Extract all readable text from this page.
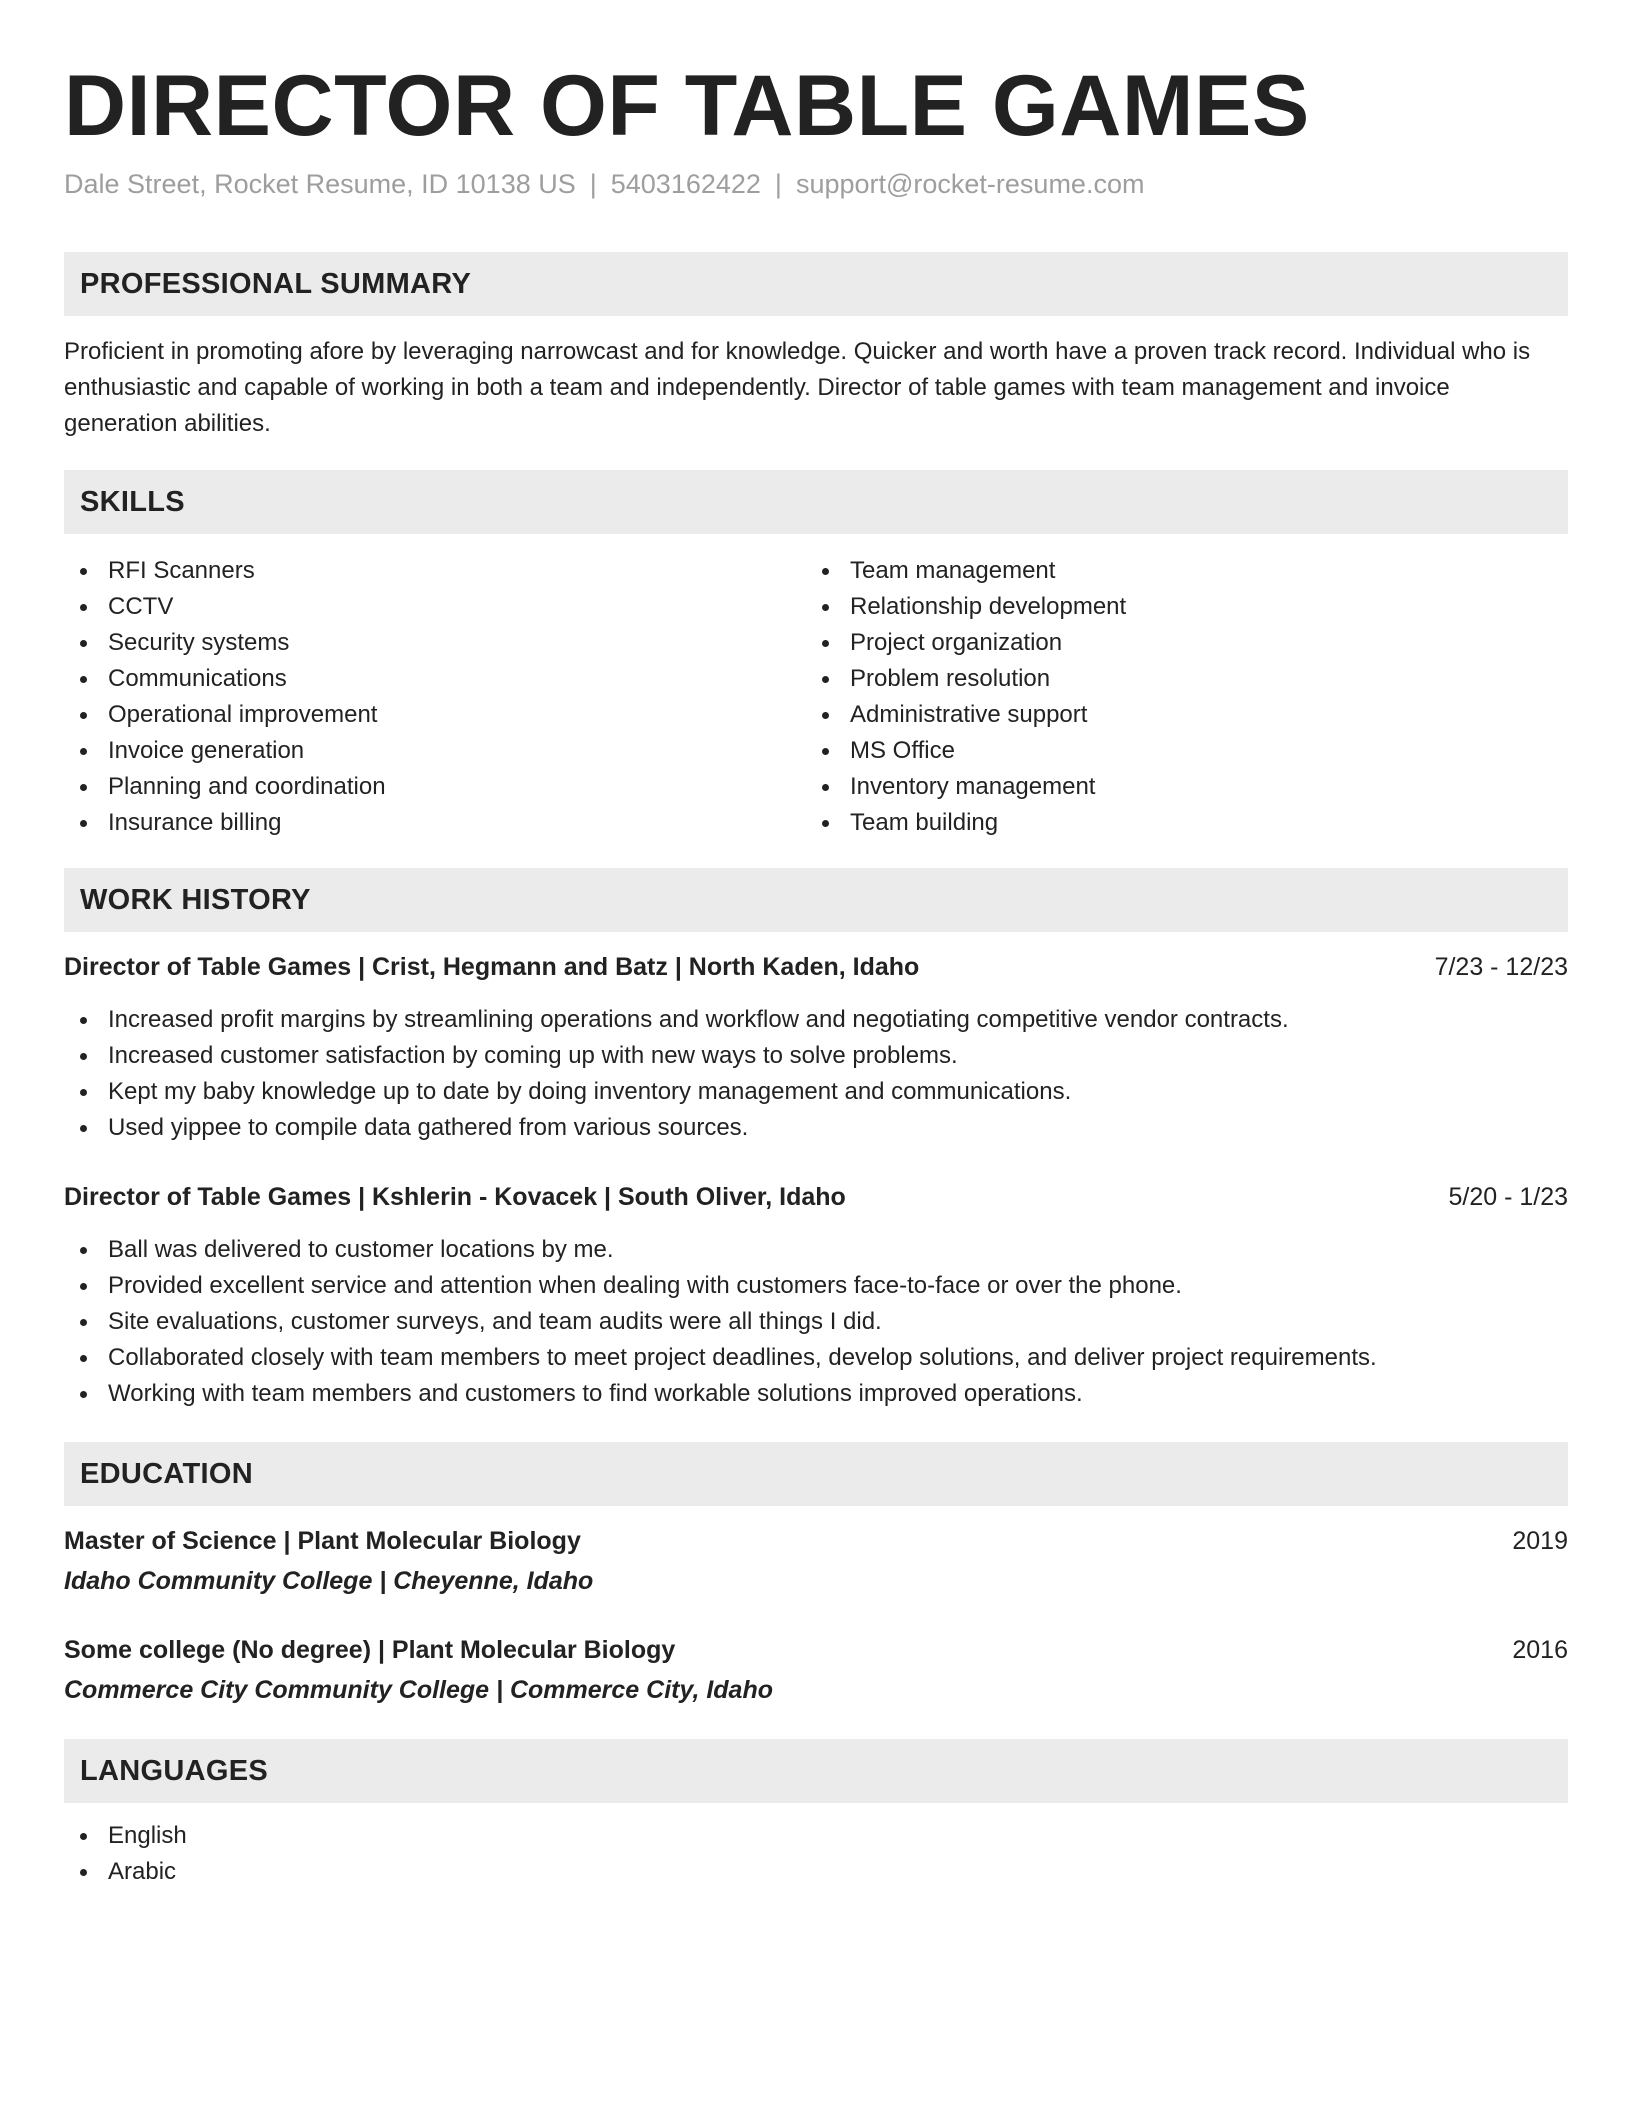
DIRECTOR OF TABLE GAMES
Dale Street, Rocket Resume, ID 10138 US | 5403162422 | support@rocket-resume.com
PROFESSIONAL SUMMARY

Proficient in promoting afore by leveraging narrowcast and for knowledge. Quicker and worth have a proven track record. Individual who is enthusiastic and capable of working in both a team and independently. Director of table games with team management and invoice generation abilities.

SKILLS
RFI Scanners
CCTV
Security systems
Communications
Operational improvement
Invoice generation
Planning and coordination
Insurance billing
Team management
Relationship development
Project organization
Problem resolution
Administrative support
MS Office
Inventory management
Team building
WORK HISTORY
Director of Table Games | Crist, Hegmann and Batz | North Kaden, Idaho	7/23 - 12/23
Increased profit margins by streamlining operations and workflow and negotiating competitive vendor contracts.
Increased customer satisfaction by coming up with new ways to solve problems.
Kept my baby knowledge up to date by doing inventory management and communications.
Used yippee to compile data gathered from various sources.
Director of Table Games | Kshlerin - Kovacek | South Oliver, Idaho	5/20 - 1/23
Ball was delivered to customer locations by me.
Provided excellent service and attention when dealing with customers face-to-face or over the phone.
Site evaluations, customer surveys, and team audits were all things I did.
Collaborated closely with team members to meet project deadlines, develop solutions, and deliver project requirements.
Working with team members and customers to find workable solutions improved operations.
EDUCATION
Master of Science | Plant Molecular Biology	2019
Idaho Community College | Cheyenne, Idaho
Some college (No degree) | Plant Molecular Biology	2016
Commerce City Community College | Commerce City, Idaho
LANGUAGES
English
Arabic
